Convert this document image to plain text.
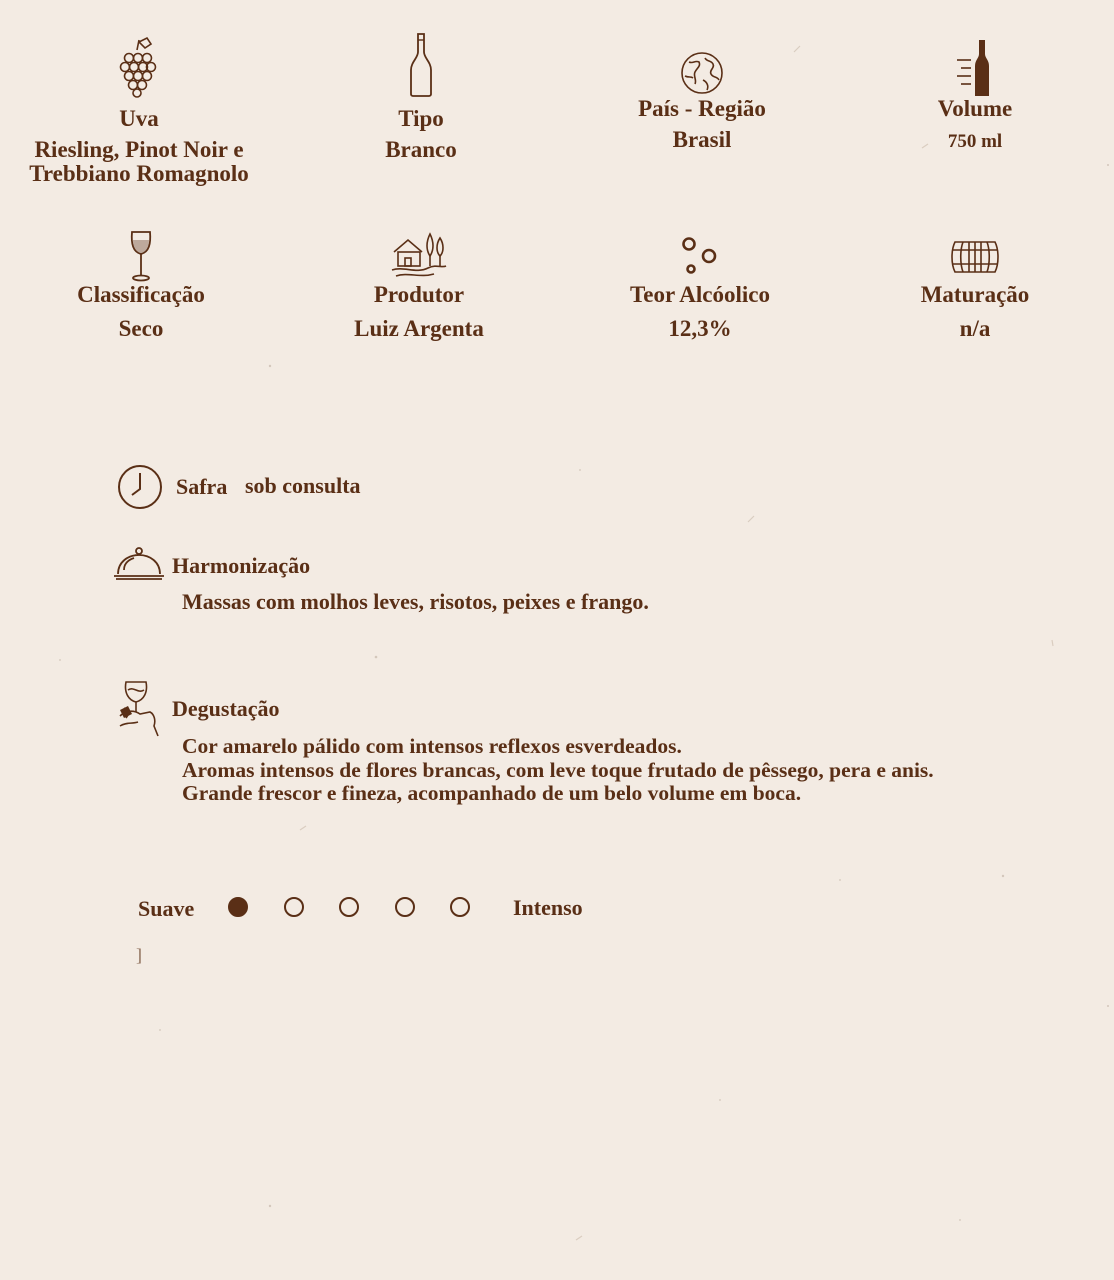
Uva
Riesling, Pinot Noir e Trebbiano Romagnolo
Tipo
Branco
País - Região
Brasil
Volume
750 ml
Classificação
Seco
Produtor
Luiz Argenta
Teor Alcóolico
12,3%
Maturação
n/a
Safra sob consulta
Harmonização
Massas com molhos leves, risotos, peixes e frango.
Degustação
Cor amarelo pálido com intensos reflexos esverdeados.
Aromas intensos de flores brancas, com leve toque frutado de pêssego, pera e anis.
Grande frescor e fineza, acompanhado de um belo volume em boca.
Suave	Intenso
]
